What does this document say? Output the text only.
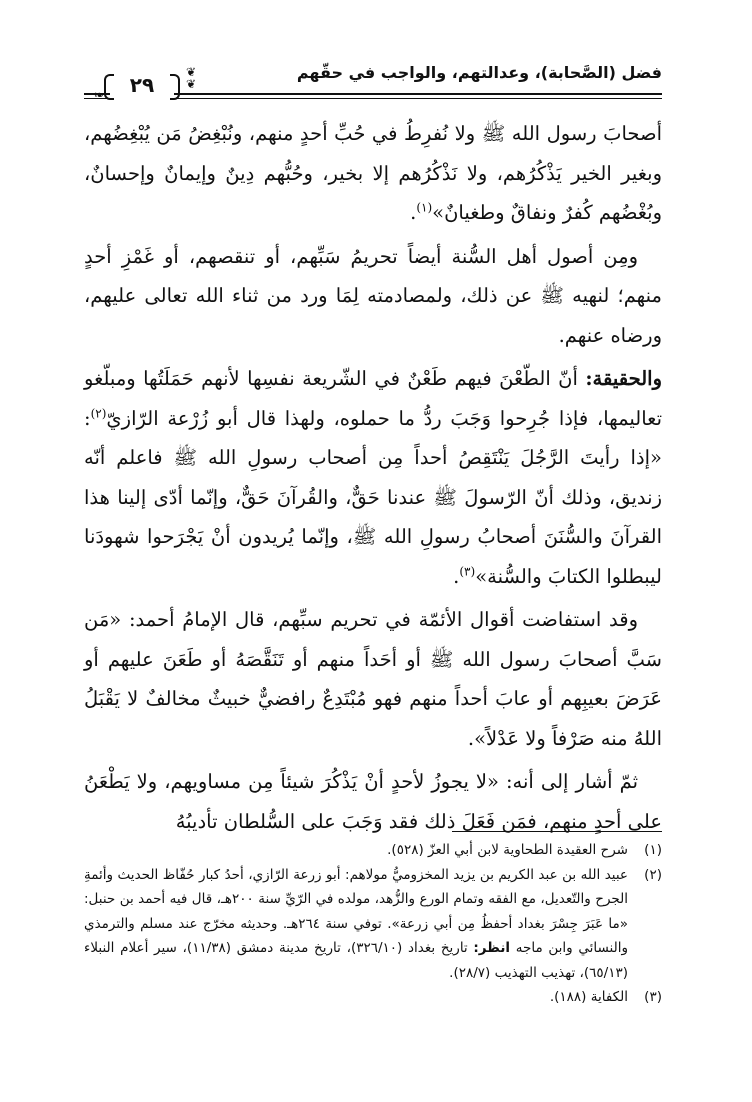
فضل (الصَّحابة)، وعدالتهم، والواجب في حقّهم
❦
❦
❧	٢٩

أصحابَ رسول الله ﷺ ولا نُفرِطُ في حُبِّ أحدٍ منهم، ونُبْغِضُ مَن يُبْغِضُهم، وبغير الخير يَذْكُرُهم، ولا نَذْكُرُهم إلا بخير، وحُبُّهم دِينٌ وإيمانٌ وإحسانٌ، وبُغْضُهم كُفرٌ ونفاقٌ وطغيانٌ»$^{(١)}$.

ومِن أصول أهل السُّنة أيضاً تحريمُ سَبِّهم، أو تنقصهم، أو غَمْزِ أحدٍ منهم؛ لنهيه ﷺ عن ذلك، ولمصادمته لِمَا ورد من ثناء الله تعالى عليهم، ورضاه عنهم.

والحقيقة: أنّ الطّعْنَ فيهم طَعْنٌ في الشّريعة نفسِها لأنهم حَمَلَتُها ومبلّغو تعاليمها، فإذا جُرِحوا وَجَبَ ردُّ ما حملوه، ولهذا قال أبو زُرْعة الرّازيّ$^{(٢)}$: «إذا رأيتَ الرَّجُلَ يَنْتَقِصُ أحداً مِن أصحاب رسولِ الله ﷺ فاعلم أنّه زنديق، وذلك أنّ الرّسولَ ﷺ عندنا حَقٌّ، والقُرآنَ حَقٌّ، وإنّما أدّى إلينا هذا القرآنَ والسُّنَنَ أصحابُ رسولِ الله ﷺ، وإنّما يُريدون أنْ يَجْرَحوا شهودَنا ليبطلوا الكتابَ والسُّنة»$^{(٣)}$.

وقد استفاضت أقوال الأئمّة في تحريم سبِّهم، قال الإمامُ أحمد: «مَن سَبَّ أصحابَ رسول الله ﷺ أو أحَداً منهم أو تَنَقَّصَهُ أو طَعَنَ عليهم أو عَرَضَ بعيبِهم أو عابَ أحداً منهم فهو مُبْتَدِعٌ رافضيٌّ خبيثٌ مخالفٌ لا يَقْبَلُ اللهُ منه صَرْفاً ولا عَدْلاً».

ثمّ أشار إلى أنه: «لا يجوزُ لأحدٍ أنْ يَذْكُرَ شيئاً مِن مساويهم، ولا يَطْعَنُ على أحدٍ منهم، فمَن فَعَلَ ذلك فقد وَجَبَ على السُّلطان تأديبُهُ

(١)
شرح العقيدة الطحاوية لابن أبي العزّ (٥٢٨).
(٢)
عبيد الله بن عبد الكريم بن يزيد المخزوميُّ مولاهم: أبو زرعة الرّازي، أحدُ كبار حُفّاظ الحديث وأئمةِ الجرح والتّعديل، مع الفقه وتمام الورع والزُّهد، مولده في الرّيِّ سنة ٢٠٠هـ، قال فيه أحمد بن حنبل: «ما عَبَرَ جِسْرَ بغداد أحفظُ مِن أبي زرعة». توفي سنة ٢٦٤هـ. وحديثه مخرّج عند مسلم والترمذي والنسائي وابن ماجه انظر: تاريخ بغداد (٣٢٦/١٠)، تاريخ مدينة دمشق (١١/٣٨)، سير أعلام النبلاء (٦٥/١٣)، تهذيب التهذيب (٢٨/٧).
(٣)
الكفاية (١٨٨).
